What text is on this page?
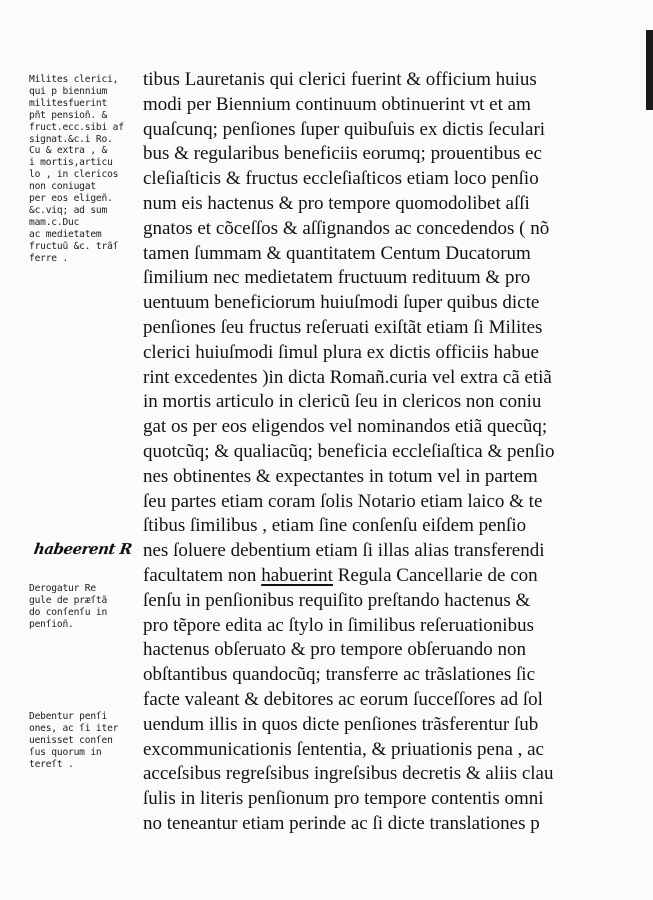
Milites clerici,
qui p biennium
militesfuerint
pñt pensioñ. &
fruct.ecc.sibi af
signat.&c.i Ro.
Cu & extra , &
i mortis,articu
lo , in clericos
non coniugat
per eos eligeñ.
&c.viq; ad sum
mam.c.Duc
ac medietatem
fructuũ &c. trãſ
ferre .
habeerent R
Derogatur Re
gule de præſtã
do conſenſu in
penſioñ.
Debentur penſi
ones, ac ſi iter
uenisset conſen
ſus quorum in
tereſt .
tibus Lauretanis qui clerici fuerint & officium huius
modi per Biennium continuum obtinuerint vt et am
quaſcunq; penſiones ſuper quibuſuis ex dictis ſeculari
bus & regularibus beneficiis eorumq; prouentibus ec
cleſiaſticis & fructus eccleſiaſticos etiam loco penſio
num eis hactenus & pro tempore quomodolibet aſſi
gnatos et cõceſſos & aſſignandos ac concedendos ( nõ
tamen ſummam & quantitatem Centum Ducatorum
ſimilium nec medietatem fructuum redituum & pro
uentuum beneficiorum huiuſmodi ſuper quibus dicte
penſiones ſeu fructus reſeruati exiſtãt etiam ſi Milites
clerici huiuſmodi ſimul plura ex dictis officiis habue
rint excedentes )in dicta Romañ.curia vel extra cã etiã
in mortis articulo in clericũ ſeu in clericos non coniu
gat os per eos eligendos vel nominandos etiã quecũq;
quotcũq; & qualiacũq; beneficia eccleſiaſtica & penſio
nes obtinentes & expectantes in totum vel in partem
ſeu partes etiam coram ſolis Notario etiam laico & te
ſtibus ſimilibus , etiam ſine conſenſu eiſdem penſio
nes ſoluere debentium etiam ſi illas alias transferendi
facultatem non habuerint Regula Cancellarie de con
ſenſu in penſionibus requiſito preſtando hactenus &
pro tẽpore edita ac ſtylo in ſimilibus reſeruationibus
hactenus obſeruato & pro tempore obſeruando non
obſtantibus quandocũq; transferre ac trãslationes ſic
facte valeant & debitores ac eorum ſucceſſores ad ſol
uendum illis in quos dicte penſiones trãsferentur ſub
excommunicationis ſententia, & priuationis pena , ac
acceſsibus regreſsibus ingreſsibus decretis & aliis clau
ſulis in literis penſionum pro tempore contentis omni
no teneantur etiam perinde ac ſi dicte translationes p
